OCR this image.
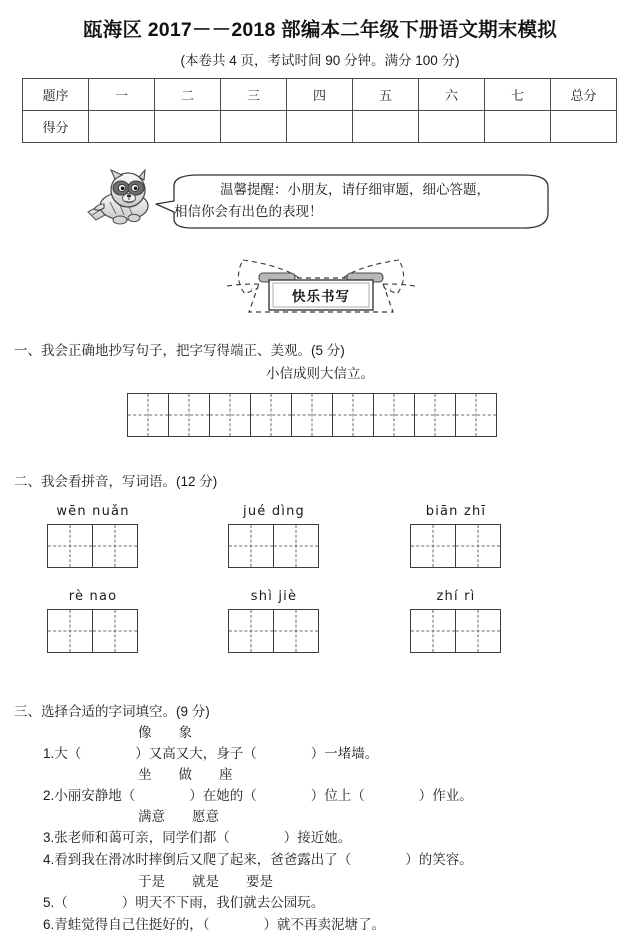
瓯海区 2017－－2018 部编本二年级下册语文期末模拟
(本卷共 4 页，考试时间 90 分钟。满分 100 分)
题序	一	二	三	四	五	六	七	总分
得分								
温馨提醒：小朋友，请仔细审题，细心答题，
相信你会有出色的表现！
快乐书写
一、我会正确地抄写句子，把字写得端正、美观。(5 分)
小信成则大信立。
二、我会看拼音，写词语。(12 分)
wēn nuǎn	jué dìng	biān zhī
rè nao	shì jiè	zhí rì
三、选择合适的字词填空。(9 分)
像　　象
1.大（　　　　）又高又大，身子（　　　　）一堵墙。
坐　　做　　座
2.小丽安静地（　　　　）在她的（　　　　）位上（　　　　）作业。
满意　　愿意
3.张老师和蔼可亲，同学们都（　　　　）接近她。
4.看到我在滑冰时摔倒后又爬了起来，爸爸露出了（　　　　）的笑容。
于是　　就是　　要是
5.（　　　　）明天不下雨，我们就去公园玩。
6.青蛙觉得自己住挺好的，（　　　　）就不再卖泥塘了。
